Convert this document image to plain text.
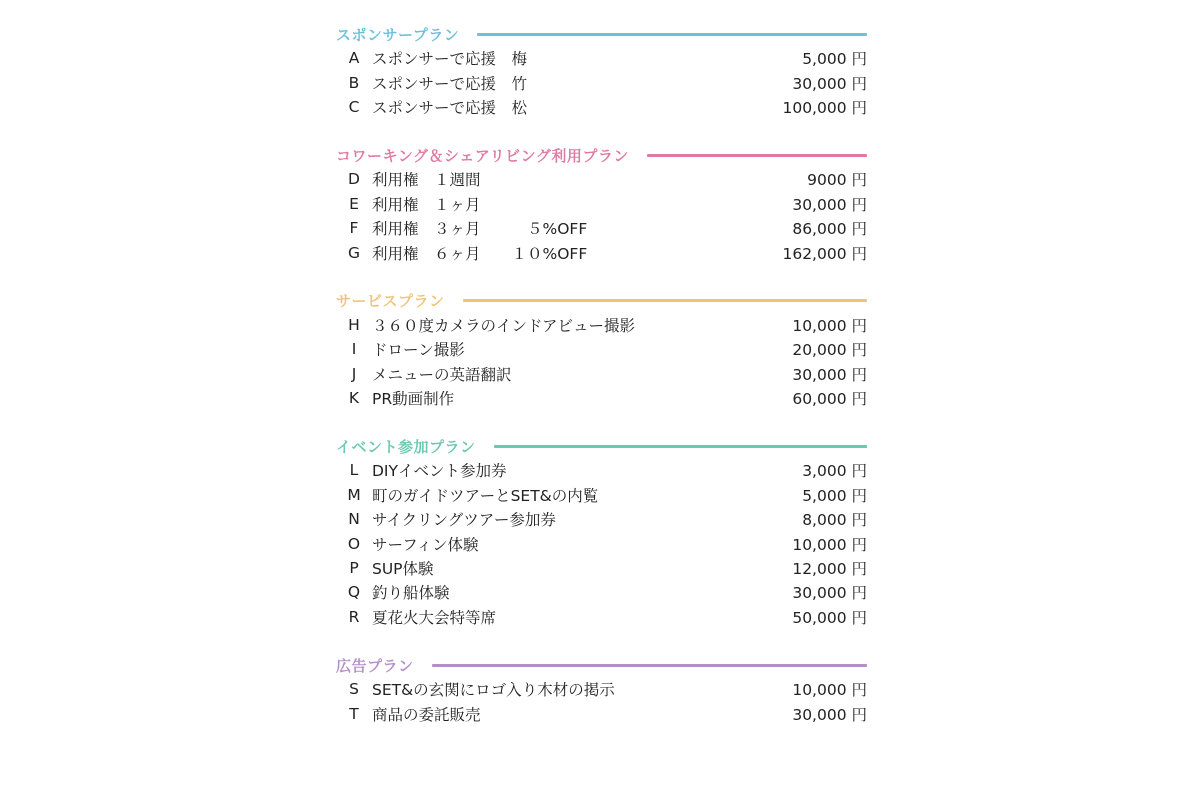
スポンサープラン
A スポンサーで応援　梅	5,000 円
B スポンサーで応援　竹	30,000 円
C スポンサーで応援　松	100,000 円
コワーキング＆シェアリビング利用プラン
D 利用権　１週間	9000 円
E 利用権　１ヶ月	30,000 円
F 利用権　３ヶ月　　　５%OFF	86,000 円
G 利用権　６ヶ月　　１０%OFF	162,000 円
サービスプラン
H ３６０度カメラのインドアビュー撮影	10,000 円
I	ドローン撮影	20,000 円
J	メニューの英語翻訳	30,000 円
K PR動画制作	60,000 円
イベント参加プラン
L DIYイベント参加券	3,000 円
M 町のガイドツアーとSET&の内覧	5,000 円
N サイクリングツアー参加券	8,000 円
O サーフィン体験	10,000 円
P SUP体験	12,000 円
Q 釣り船体験	30,000 円
R 夏花火大会特等席	50,000 円
広告プラン
S SET&の玄関にロゴ入り木材の掲示	10,000 円
T 商品の委託販売	30,000 円
